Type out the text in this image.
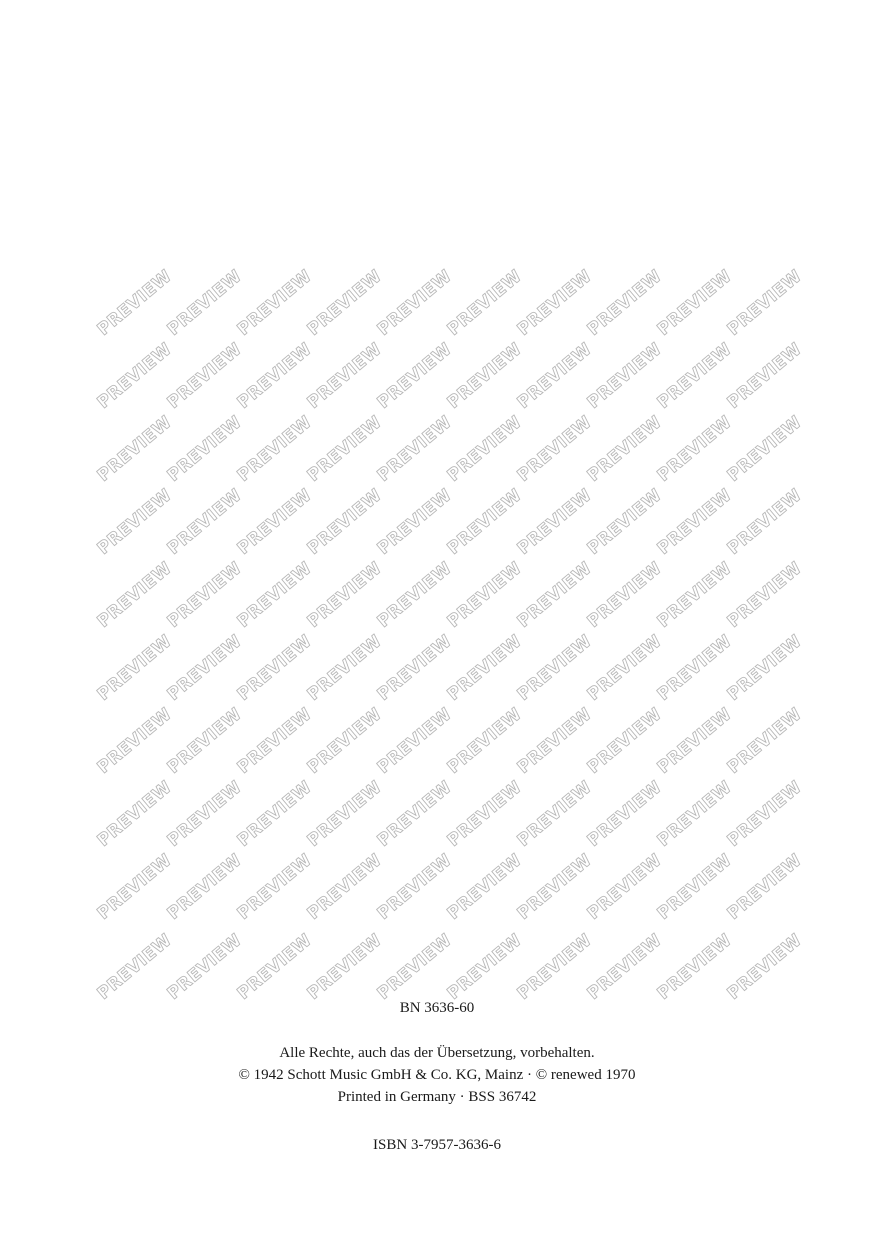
PREVIEW
PREVIEW
PREVIEW
PREVIEW
PREVIEW
PREVIEW
PREVIEW
PREVIEW
PREVIEW
PREVIEW
PREVIEW
PREVIEW
PREVIEW
PREVIEW
PREVIEW
PREVIEW
PREVIEW
PREVIEW
PREVIEW
PREVIEW
PREVIEW
PREVIEW
PREVIEW
PREVIEW
PREVIEW
PREVIEW
PREVIEW
PREVIEW
PREVIEW
PREVIEW
PREVIEW
PREVIEW
PREVIEW
PREVIEW
PREVIEW
PREVIEW
PREVIEW
PREVIEW
PREVIEW
PREVIEW
PREVIEW
PREVIEW
PREVIEW
PREVIEW
PREVIEW
PREVIEW
PREVIEW
PREVIEW
PREVIEW
PREVIEW
PREVIEW
PREVIEW
PREVIEW
PREVIEW
PREVIEW
PREVIEW
PREVIEW
PREVIEW
PREVIEW
PREVIEW
PREVIEW
PREVIEW
PREVIEW
PREVIEW
PREVIEW
PREVIEW
PREVIEW
PREVIEW
PREVIEW
PREVIEW
PREVIEW
PREVIEW
PREVIEW
PREVIEW
PREVIEW
PREVIEW
PREVIEW
PREVIEW
PREVIEW
PREVIEW
PREVIEW
PREVIEW
PREVIEW
PREVIEW
PREVIEW
PREVIEW
PREVIEW
PREVIEW
PREVIEW
PREVIEW
PREVIEW
PREVIEW
PREVIEW
PREVIEW
PREVIEW
PREVIEW
PREVIEW
PREVIEW
PREVIEW
PREVIEW
BN 3636-60
Alle Rechte, auch das der Übersetzung, vorbehalten.
© 1942 Schott Music GmbH & Co. KG, Mainz · © renewed 1970
Printed in Germany · BSS 36742
ISBN 3-7957-3636-6
